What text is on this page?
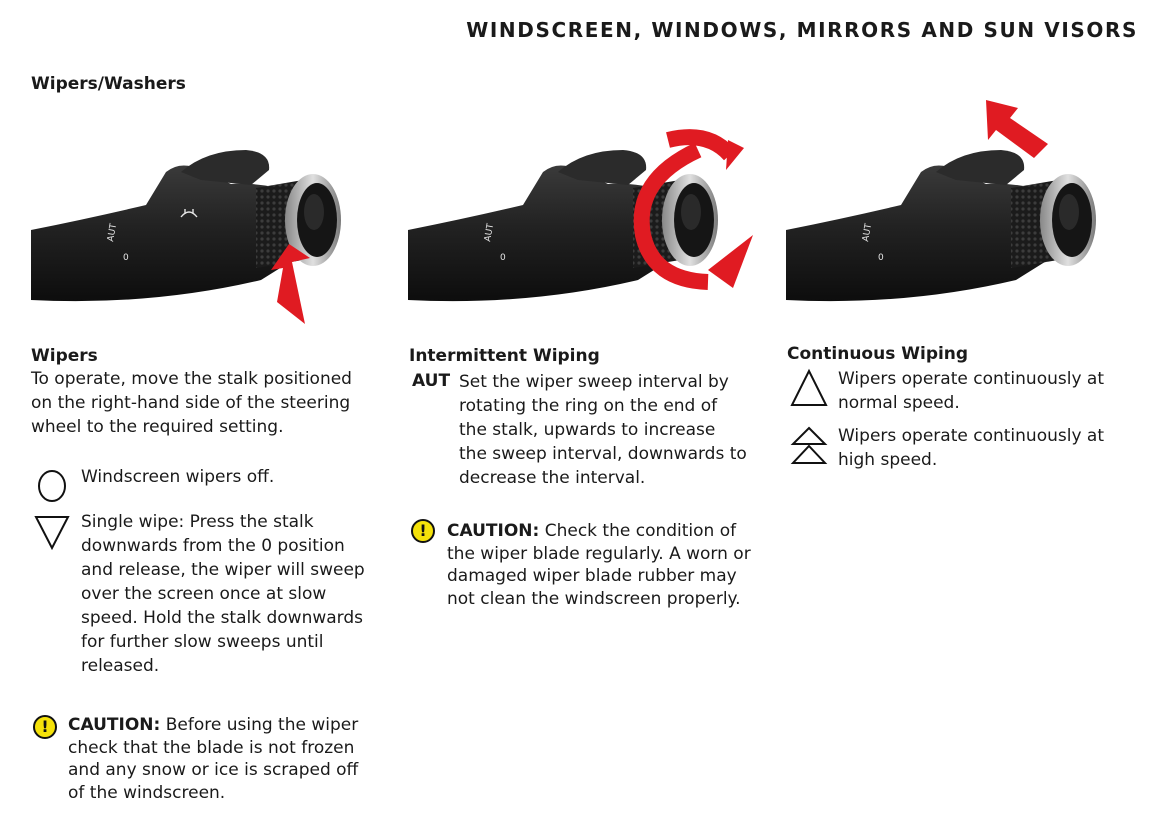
WINDSCREEN, WINDOWS, MIRRORS AND SUN VISORS
Wipers/Washers
AUT
0
AUT
0
AUT
0
Wipers
To operate, move the stalk positioned
on the right-hand side of the steering
wheel to the required setting.
Windscreen wipers off.
Single wipe: Press the stalk
downwards from the 0 position
and release, the wiper will sweep
over the screen once at slow
speed. Hold the stalk downwards
for further slow sweeps until
released.
!	CAUTION: Before using the wiper
check that the blade is not frozen
and any snow or ice is scraped off
of the windscreen.
Intermittent Wiping
AUT Set the wiper sweep interval by
rotating the ring on the end of
the stalk, upwards to increase
the sweep interval, downwards to
decrease the interval.
!	CAUTION: Check the condition of
the wiper blade regularly. A worn or
damaged wiper blade rubber may
not clean the windscreen properly.
Continuous Wiping
Wipers operate continuously at
normal speed.
Wipers operate continuously at
high speed.
